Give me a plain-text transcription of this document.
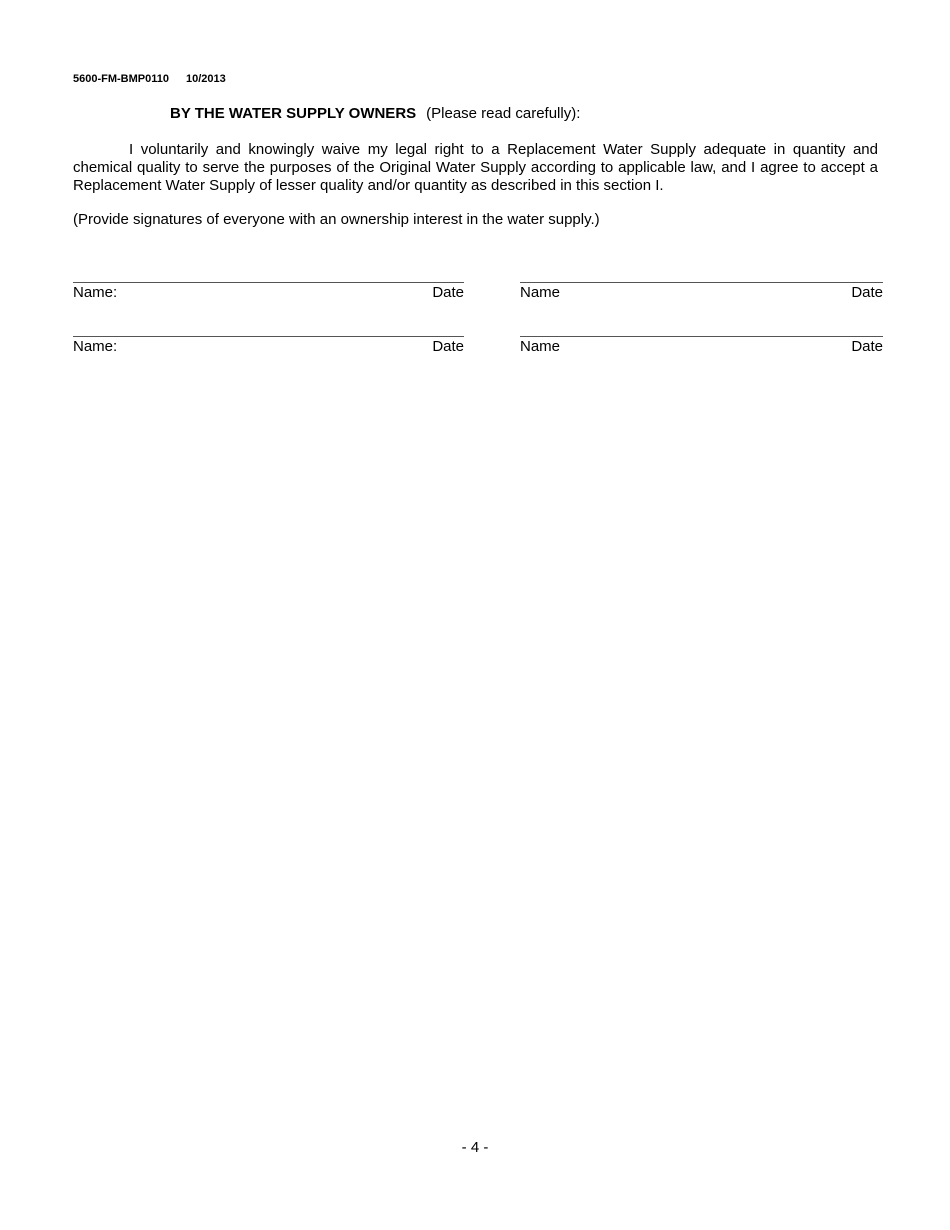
5600-FM-BMP0110 10/2013
BY THE WATER SUPPLY OWNERS (Please read carefully):

I voluntarily and knowingly waive my legal right to a Replacement Water Supply adequate in quantity and chemical quality to serve the purposes of the Original Water Supply according to applicable law, and I agree to accept a Replacement Water Supply of lesser quality and/or quantity as described in this section I.

(Provide signatures of everyone with an ownership interest in the water supply.)
Name:	Date	Name	Date
Name:	Date	Name	Date
- 4 -
